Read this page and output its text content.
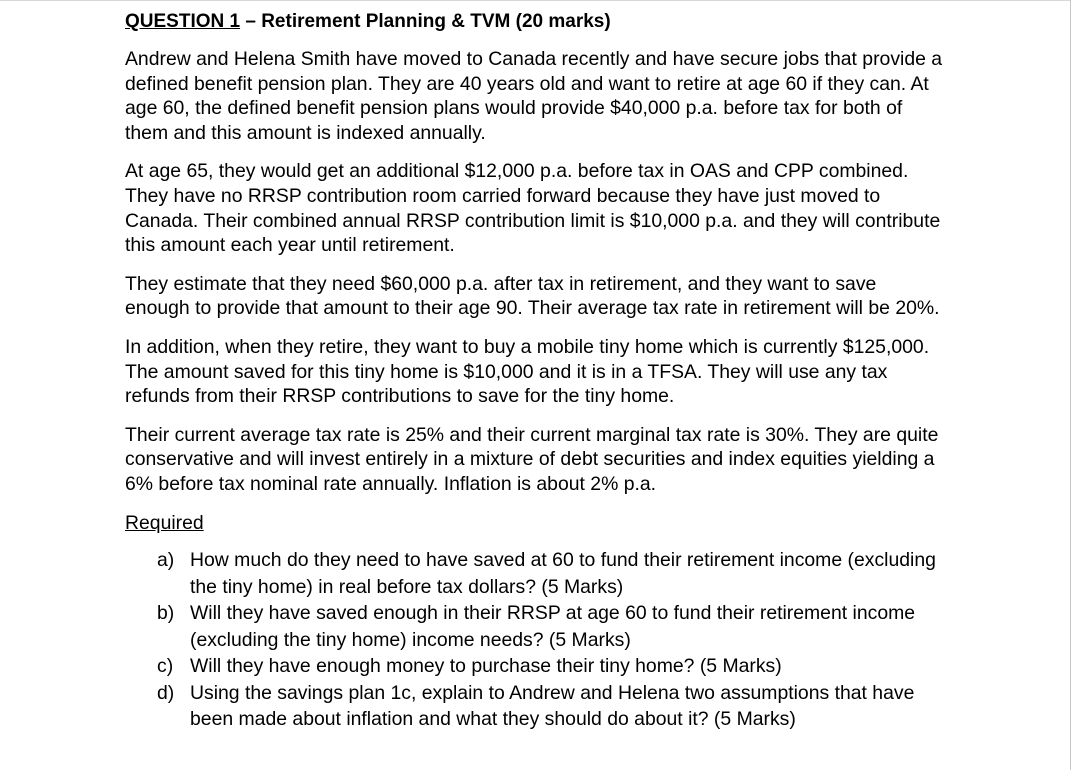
QUESTION 1 – Retirement Planning & TVM (20 marks)

Andrew and Helena Smith have moved to Canada recently and have secure jobs that provide a defined benefit pension plan. They are 40 years old and want to retire at age 60 if they can. At age 60, the defined benefit pension plans would provide $40,000 p.a. before tax for both of them and this amount is indexed annually.

At age 65, they would get an additional $12,000 p.a. before tax in OAS and CPP combined. They have no RRSP contribution room carried forward because they have just moved to Canada. Their combined annual RRSP contribution limit is $10,000 p.a. and they will contribute this amount each year until retirement.

They estimate that they need $60,000 p.a. after tax in retirement, and they want to save enough to provide that amount to their age 90. Their average tax rate in retirement will be 20%.

In addition, when they retire, they want to buy a mobile tiny home which is currently $125,000. The amount saved for this tiny home is $10,000 and it is in a TFSA. They will use any tax refunds from their RRSP contributions to save for the tiny home.

Their current average tax rate is 25% and their current marginal tax rate is 30%. They are quite conservative and will invest entirely in a mixture of debt securities and index equities yielding a 6% before tax nominal rate annually. Inflation is about 2% p.a.

Required
a) How much do they need to have saved at 60 to fund their retirement income (excluding the tiny home) in real before tax dollars? (5 Marks)
b) Will they have saved enough in their RRSP at age 60 to fund their retirement income (excluding the tiny home) income needs? (5 Marks)
c) Will they have enough money to purchase their tiny home? (5 Marks)
d) Using the savings plan 1c, explain to Andrew and Helena two assumptions that have been made about inflation and what they should do about it? (5 Marks)
